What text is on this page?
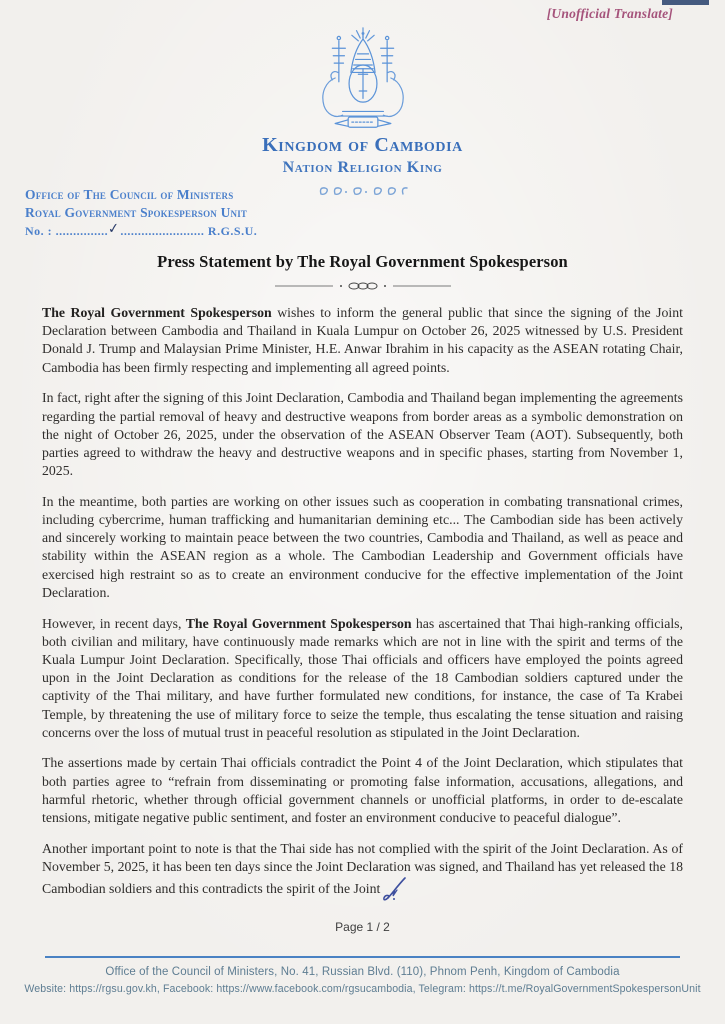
[Unofficial Translate]
Kingdom of Cambodia
Nation Religion King
Office of The Council of Ministers
Royal Government Spokesperson Unit
No. : ...............✓........................ R.G.S.U.
Press Statement by The Royal Government Spokesperson

The Royal Government Spokesperson wishes to inform the general public that since the signing of the Joint Declaration between Cambodia and Thailand in Kuala Lumpur on October 26, 2025 witnessed by U.S. President Donald J. Trump and Malaysian Prime Minister, H.E. Anwar Ibrahim in his capacity as the ASEAN rotating Chair, Cambodia has been firmly respecting and implementing all agreed points.

In fact, right after the signing of this Joint Declaration, Cambodia and Thailand began implementing the agreements regarding the partial removal of heavy and destructive weapons from border areas as a symbolic demonstration on the night of October 26, 2025, under the observation of the ASEAN Observer Team (AOT). Subsequently, both parties agreed to withdraw the heavy and destructive weapons and in specific phases, starting from November 1, 2025.

In the meantime, both parties are working on other issues such as cooperation in combating transnational crimes, including cybercrime, human trafficking and humanitarian demining etc... The Cambodian side has been actively and sincerely working to maintain peace between the two countries, Cambodia and Thailand, as well as peace and stability within the ASEAN region as a whole. The Cambodian Leadership and Government officials have exercised high restraint so as to create an environment conducive for the effective implementation of the Joint Declaration.

However, in recent days, The Royal Government Spokesperson has ascertained that Thai high-ranking officials, both civilian and military, have continuously made remarks which are not in line with the spirit and terms of the Kuala Lumpur Joint Declaration. Specifically, those Thai officials and officers have employed the points agreed upon in the Joint Declaration as conditions for the release of the 18 Cambodian soldiers captured under the captivity of the Thai military, and have further formulated new conditions, for instance, the case of Ta Krabei Temple, by threatening the use of military force to seize the temple, thus escalating the tense situation and raising concerns over the loss of mutual trust in peaceful resolution as stipulated in the Joint Declaration.

The assertions made by certain Thai officials contradict the Point 4 of the Joint Declaration, which stipulates that both parties agree to “refrain from disseminating or promoting false information, accusations, allegations, and harmful rhetoric, whether through official government channels or unofficial platforms, in order to de-escalate tensions, mitigate negative public sentiment, and foster an environment conducive to peaceful dialogue”.

Another important point to note is that the Thai side has not complied with the spirit of the Joint Declaration. As of November 5, 2025, it has been ten days since the Joint Declaration was signed, and Thailand has yet released the 18 Cambodian soldiers and this contradicts the spirit of the Joint

Page 1 / 2
Office of the Council of Ministers, No. 41, Russian Blvd. (110), Phnom Penh, Kingdom of Cambodia
Website: https://rgsu.gov.kh, Facebook: https://www.facebook.com/rgsucambodia, Telegram: https://t.me/RoyalGovernmentSpokespersonUnit
